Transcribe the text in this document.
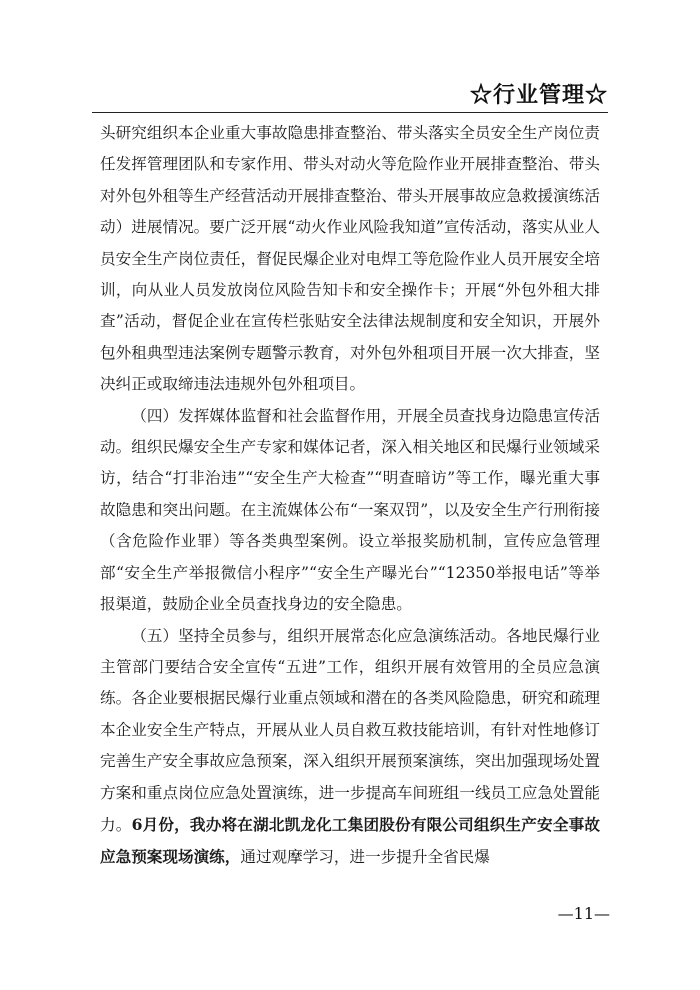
☆行业管理☆

头研究组织本企业重大事故隐患排查整治、带头落实全员安全生产岗位责任发挥管理团队和专家作用、带头对动火等危险作业开展排查整治、带头对外包外租等生产经营活动开展排查整治、带头开展事故应急救援演练活动）进展情况。要广泛开展“动火作业风险我知道”宣传活动，落实从业人员安全生产岗位责任，督促民爆企业对电焊工等危险作业人员开展安全培训，向从业人员发放岗位风险告知卡和安全操作卡；开展“外包外租大排查”活动，督促企业在宣传栏张贴安全法律法规制度和安全知识，开展外包外租典型违法案例专题警示教育，对外包外租项目开展一次大排查，坚决纠正或取缔违法违规外包外租项目。

（四）发挥媒体监督和社会监督作用，开展全员查找身边隐患宣传活动。组织民爆安全生产专家和媒体记者，深入相关地区和民爆行业领域采访，结合“打非治违”“安全生产大检查”“明查暗访”等工作，曝光重大事故隐患和突出问题。在主流媒体公布“一案双罚”，以及安全生产行刑衔接（含危险作业罪）等各类典型案例。设立举报奖励机制，宣传应急管理部“安全生产举报微信小程序”“安全生产曝光台”“12350举报电话”等举报渠道，鼓励企业全员查找身边的安全隐患。

（五）坚持全员参与，组织开展常态化应急演练活动。各地民爆行业主管部门要结合安全宣传“五进”工作，组织开展有效管用的全员应急演练。各企业要根据民爆行业重点领域和潜在的各类风险隐患，研究和疏理本企业安全生产特点，开展从业人员自救互救技能培训，有针对性地修订完善生产安全事故应急预案，深入组织开展预案演练，突出加强现场处置方案和重点岗位应急处置演练，进一步提高车间班组一线员工应急处置能力。6月份，我办将在湖北凯龙化工集团股份有限公司组织生产安全事故应急预案现场演练，通过观摩学习，进一步提升全省民爆

—11—
